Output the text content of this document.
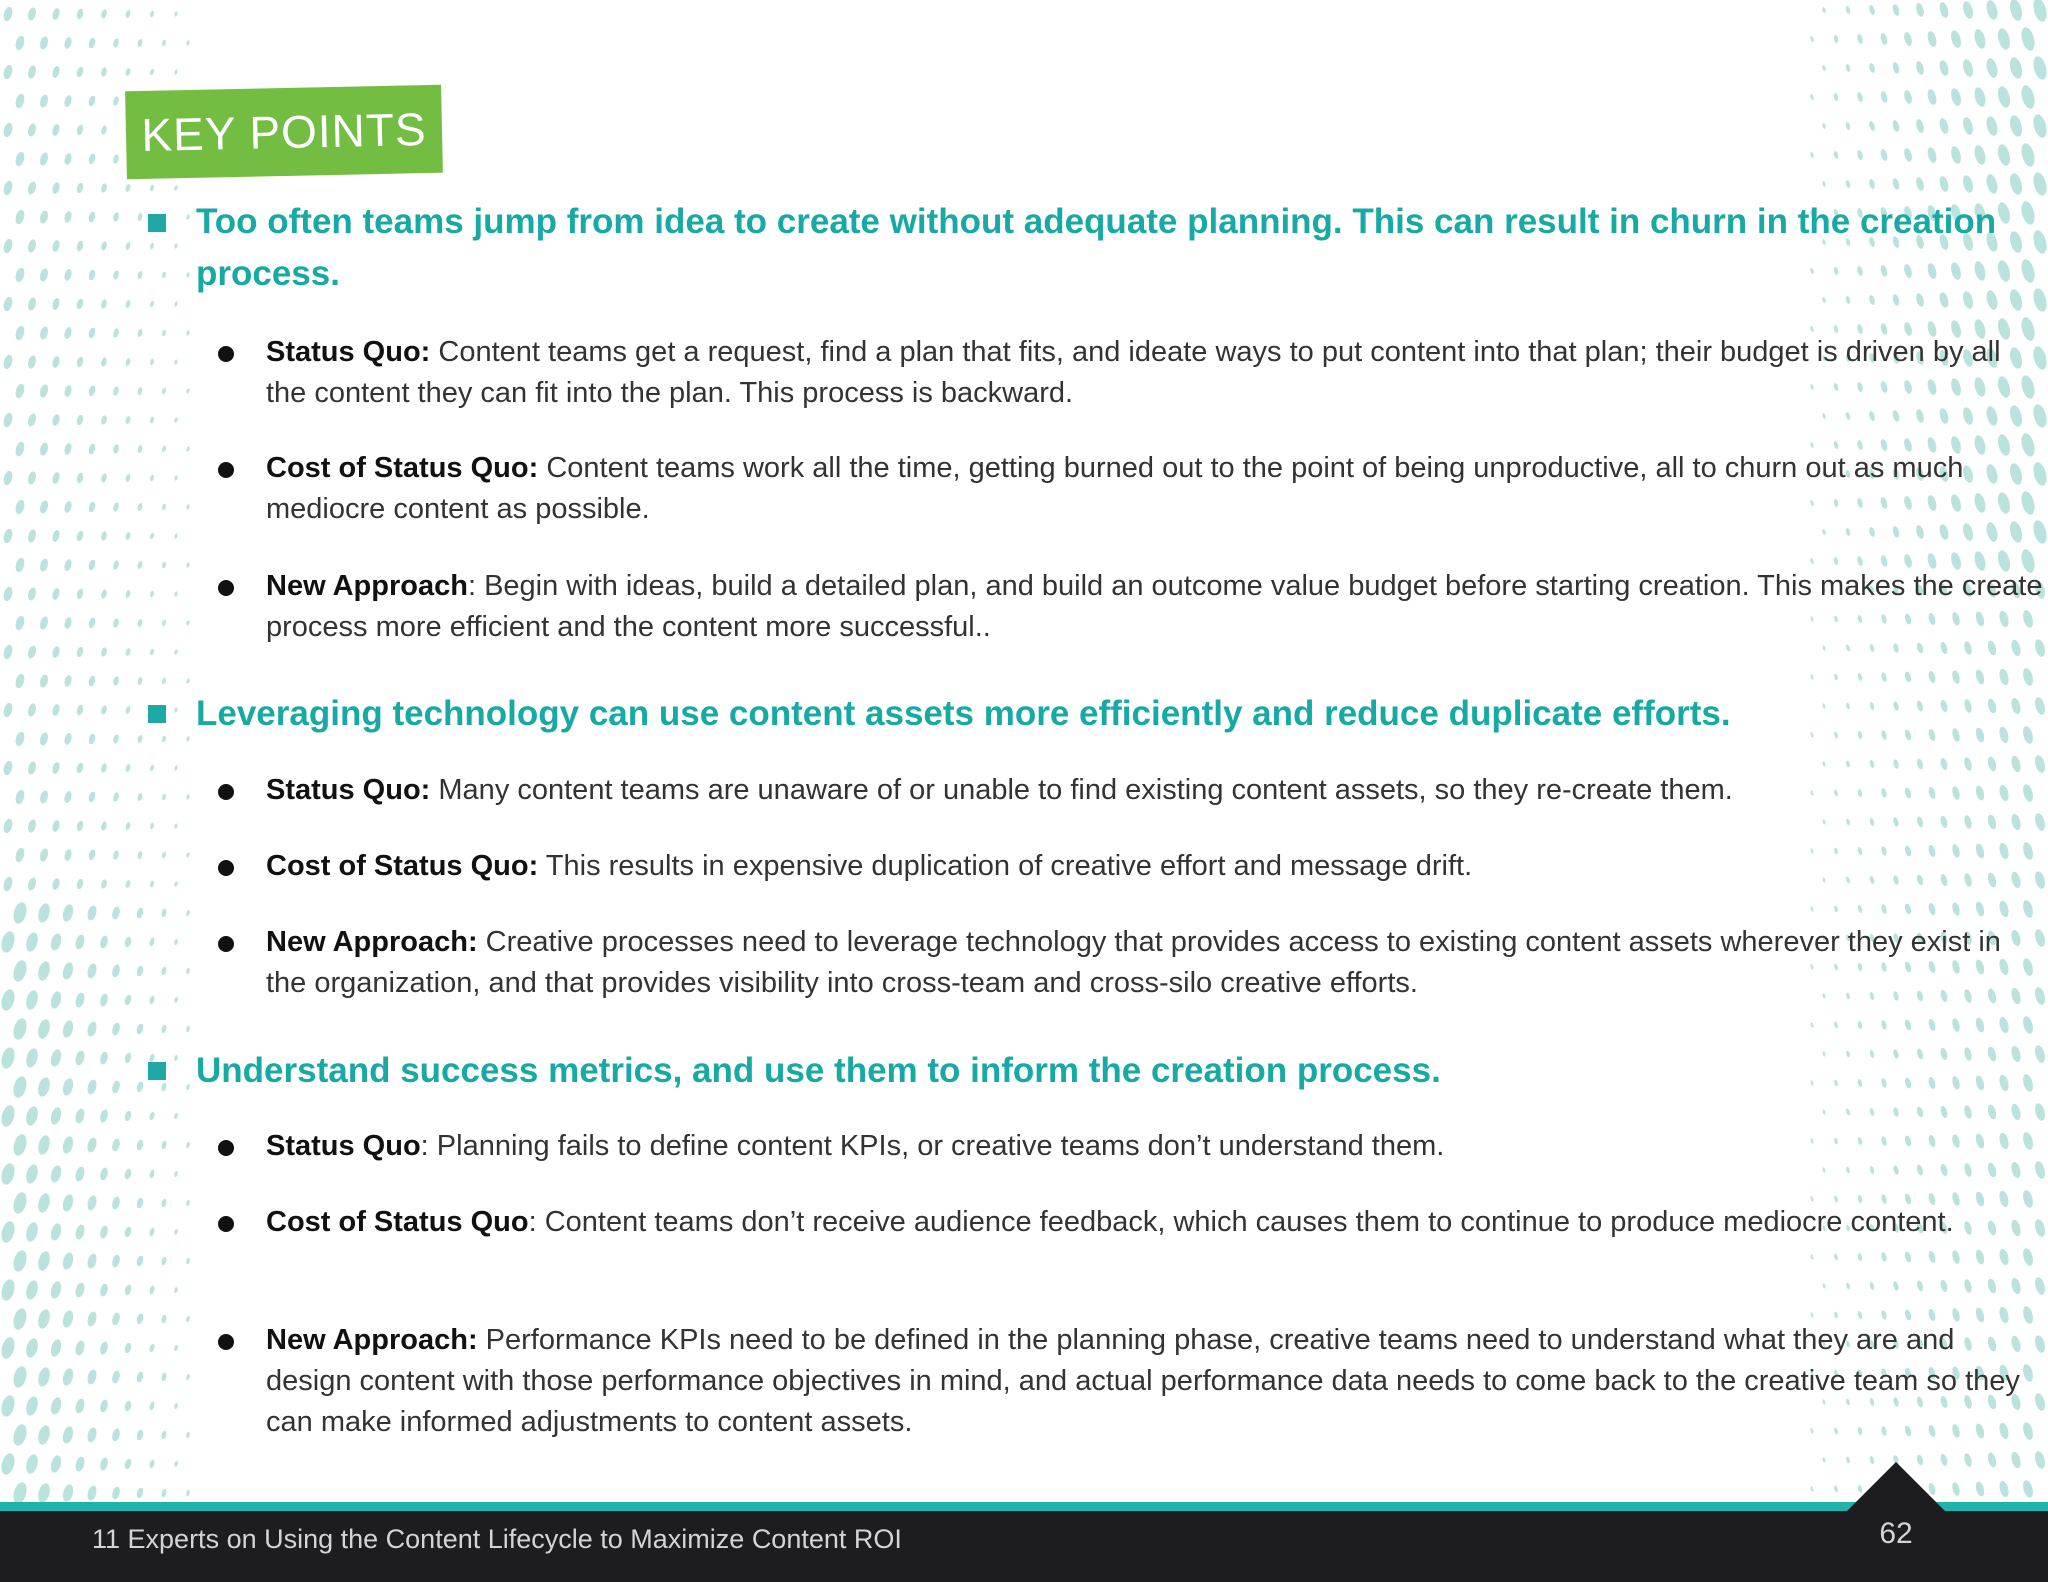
KEY POINTS
Too often teams jump from idea to create without adequate planning. This can result in churn in the creation process.
Status Quo: Content teams get a request, find a plan that fits, and ideate ways to put content into that plan; their budget is driven by all the content they can fit into the plan. This process is backward.
Cost of Status Quo: Content teams work all the time, getting burned out to the point of being unproductive, all to churn out as much mediocre content as possible.
New Approach: Begin with ideas, build a detailed plan, and build an outcome value budget before starting creation. This makes the create process more efficient and the content more successful..
Leveraging technology can use content assets more efficiently and reduce duplicate efforts.
Status Quo: Many content teams are unaware of or unable to find existing content assets, so they re-create them.
Cost of Status Quo: This results in expensive duplication of creative effort and message drift.
New Approach: Creative processes need to leverage technology that provides access to existing content assets wherever they exist in the organization, and that provides visibility into cross-team and cross-silo creative efforts.
Understand success metrics, and use them to inform the creation process.
Status Quo: Planning fails to define content KPIs, or creative teams don’t understand them.
Cost of Status Quo: Content teams don’t receive audience feedback, which causes them to continue to produce mediocre content.
New Approach: Performance KPIs need to be defined in the planning phase, creative teams need to understand what they are and design content with those performance objectives in mind, and actual performance data needs to come back to the creative team so they can make informed adjustments to content assets.
11 Experts on Using the Content Lifecycle to Maximize Content ROI	62
